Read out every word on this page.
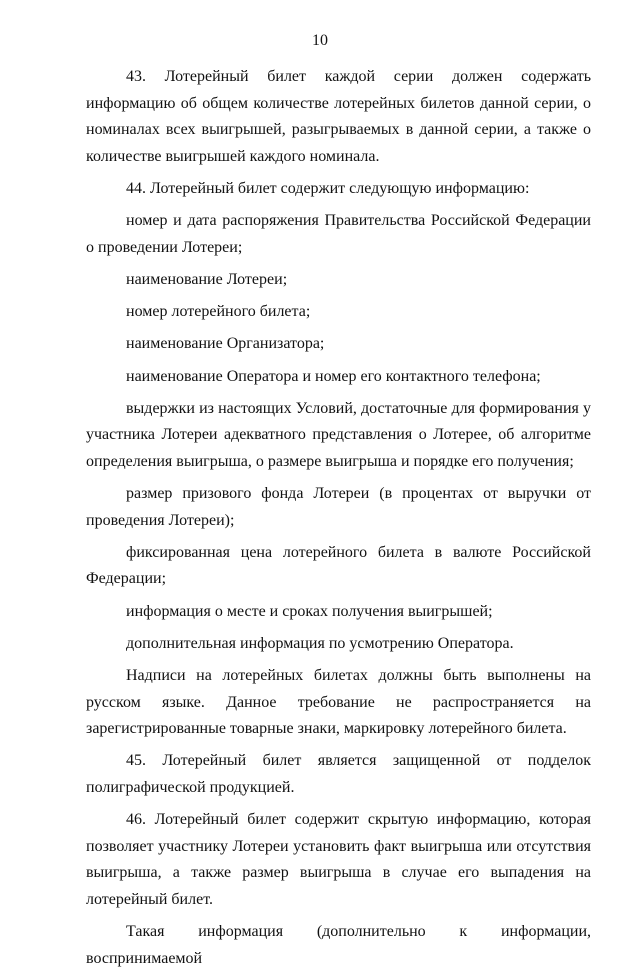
10

43. Лотерейный билет каждой серии должен содержать информацию об общем количестве лотерейных билетов данной серии, о номиналах всех выигрышей, разыгрываемых в данной серии, а также о количестве выигрышей каждого номинала.

44. Лотерейный билет содержит следующую информацию:

номер и дата распоряжения Правительства Российской Федерации о проведении Лотереи;

наименование Лотереи;

номер лотерейного билета;

наименование Организатора;

наименование Оператора и номер его контактного телефона;

выдержки из настоящих Условий, достаточные для формирования у участника Лотереи адекватного представления о Лотерее, об алгоритме определения выигрыша, о размере выигрыша и порядке его получения;

размер призового фонда Лотереи (в процентах от выручки от проведения Лотереи);

фиксированная цена лотерейного билета в валюте Российской Федерации;

информация о месте и сроках получения выигрышей;

дополнительная информация по усмотрению Оператора.

Надписи на лотерейных билетах должны быть выполнены на русском языке. Данное требование не распространяется на зарегистрированные товарные знаки, маркировку лотерейного билета.

45. Лотерейный билет является защищенной от подделок полиграфической продукцией.

46. Лотерейный билет содержит скрытую информацию, которая позволяет участнику Лотереи установить факт выигрыша или отсутствия выигрыша, а также размер выигрыша в случае его выпадения на лотерейный билет.

Такая информация (дополнительно к информации, воспринимаемой
